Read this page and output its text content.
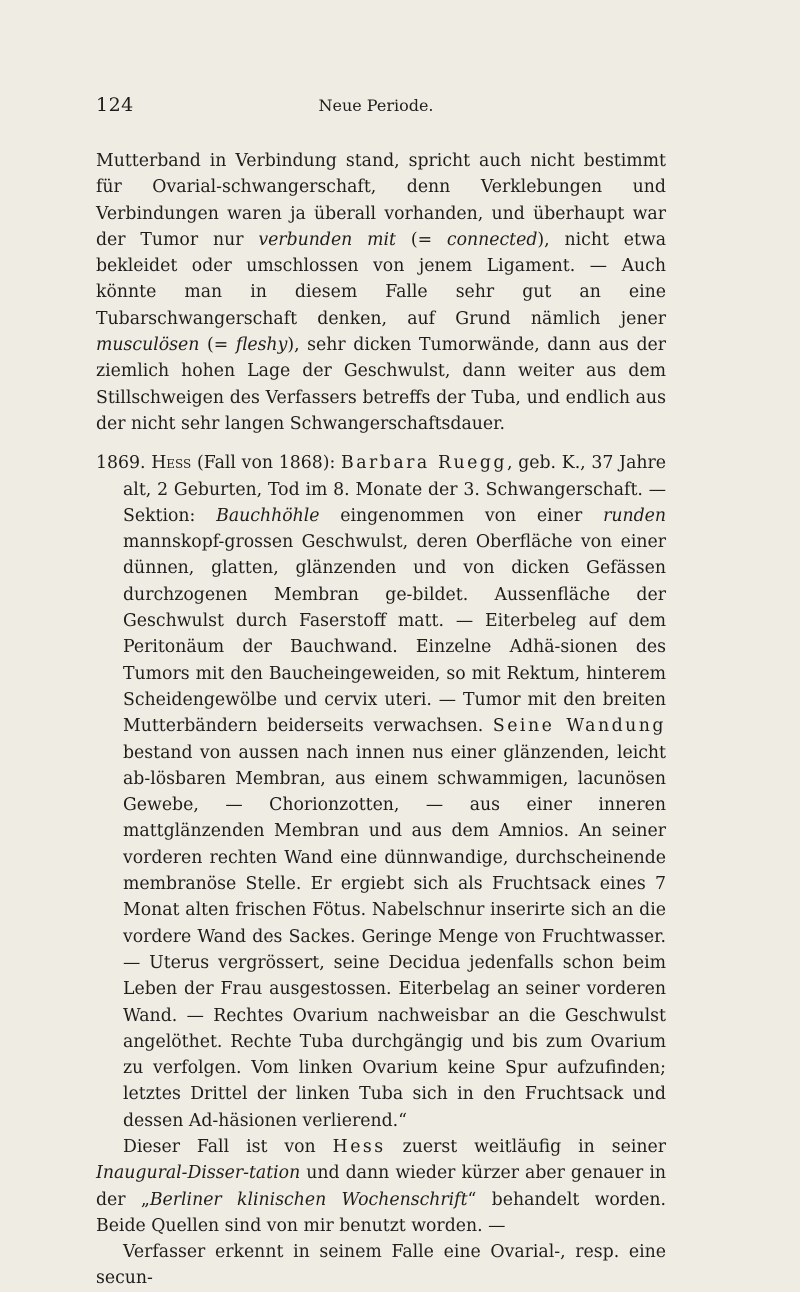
124	Neue Periode.

Mutterband in Verbindung stand, spricht auch nicht bestimmt für Ovarial-schwangerschaft, denn Verklebungen und Verbindungen waren ja überall vorhanden, und überhaupt war der Tumor nur verbunden mit (= connected), nicht etwa bekleidet oder umschlossen von jenem Ligament. — Auch könnte man in diesem Falle sehr gut an eine Tubarschwangerschaft denken, auf Grund nämlich jener musculösen (= fleshy), sehr dicken Tumorwände, dann aus der ziemlich hohen Lage der Geschwulst, dann weiter aus dem Stillschweigen des Verfassers betreffs der Tuba, und endlich aus der nicht sehr langen Schwangerschaftsdauer.

1869. Hess (Fall von 1868): Barbara Ruegg, geb. K., 37 Jahre alt, 2 Geburten, Tod im 8. Monate der 3. Schwangerschaft. — Sektion: Bauchhöhle eingenommen von einer runden mannskopf-grossen Geschwulst, deren Oberfläche von einer dünnen, glatten, glänzenden und von dicken Gefässen durchzogenen Membran ge-bildet. Aussenfläche der Geschwulst durch Faserstoff matt. — Eiterbeleg auf dem Peritonäum der Bauchwand. Einzelne Adhä-sionen des Tumors mit den Baucheingeweiden, so mit Rektum, hinterem Scheidengewölbe und cervix uteri. — Tumor mit den breiten Mutterbändern beiderseits verwachsen. Seine Wandung bestand von aussen nach innen nus einer glänzenden, leicht ab-lösbaren Membran, aus einem schwammigen, lacunösen Gewebe, — Chorionzotten, — aus einer inneren mattglänzenden Membran und aus dem Amnios. An seiner vorderen rechten Wand eine dünnwandige, durchscheinende membranöse Stelle. Er ergiebt sich als Fruchtsack eines 7 Monat alten frischen Fötus. Nabelschnur inserirte sich an die vordere Wand des Sackes. Geringe Menge von Fruchtwasser. — Uterus vergrössert, seine Decidua jedenfalls schon beim Leben der Frau ausgestossen. Eiterbelag an seiner vorderen Wand. — Rechtes Ovarium nachweisbar an die Geschwulst angelöthet. Rechte Tuba durchgängig und bis zum Ovarium zu verfolgen. Vom linken Ovarium keine Spur aufzufinden; letztes Drittel der linken Tuba sich in den Fruchtsack und dessen Ad-häsionen verlierend.“

Dieser Fall ist von Hess zuerst weitläufig in seiner Inaugural-Disser-tation und dann wieder kürzer aber genauer in der „Berliner klinischen Wochenschrift“ behandelt worden. Beide Quellen sind von mir benutzt worden. —

Verfasser erkennt in seinem Falle eine Ovarial-, resp. eine secun-
